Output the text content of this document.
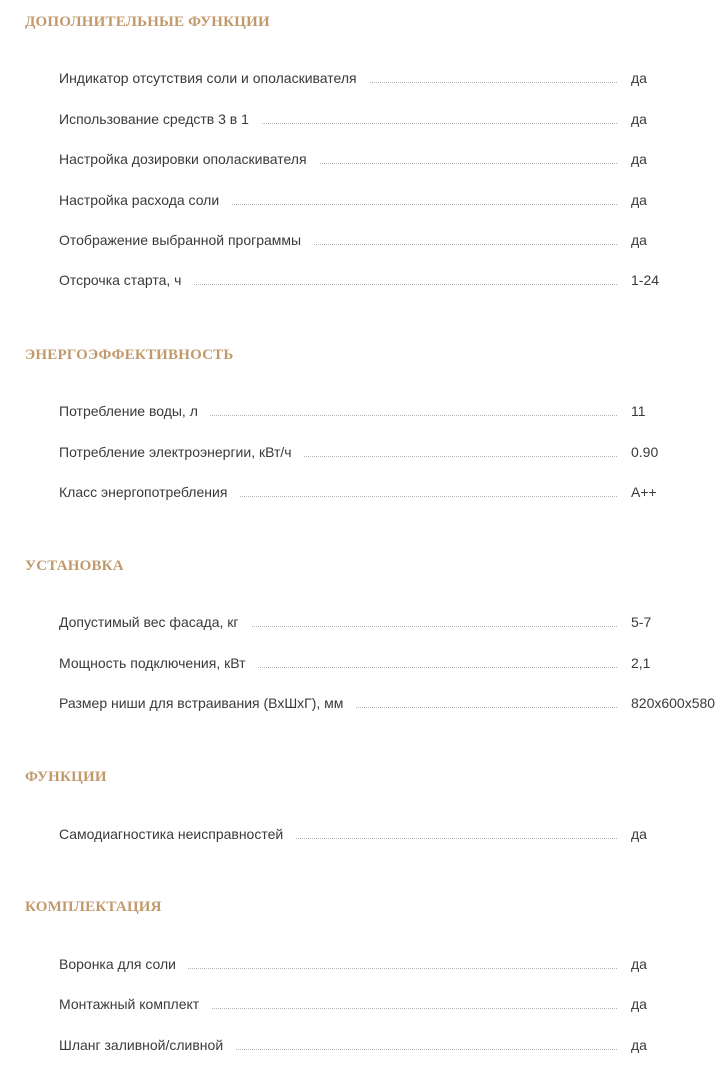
ДОПОЛНИТЕЛЬНЫЕ ФУНКЦИИ
Индикатор отсутствия соли и ополаскивателя	да
Использование средств 3 в 1	да
Настройка дозировки ополаскивателя	да
Настройка расхода соли	да
Отображение выбранной программы	да
Отсрочка старта, ч	1-24
ЭНЕРГОЭФФЕКТИВНОСТЬ
Потребление воды, л	11
Потребление электроэнергии, кВт/ч	0.90
Класс энергопотребления	A++
УСТАНОВКА
Допустимый вес фасада, кг	5-7
Мощность подключения, кВт	2,1
Размер ниши для встраивания (ВхШхГ), мм	820x600x580
ФУНКЦИИ
Самодиагностика неисправностей	да
КОМПЛЕКТАЦИЯ
Воронка для соли	да
Монтажный комплект	да
Шланг заливной/сливной	да
